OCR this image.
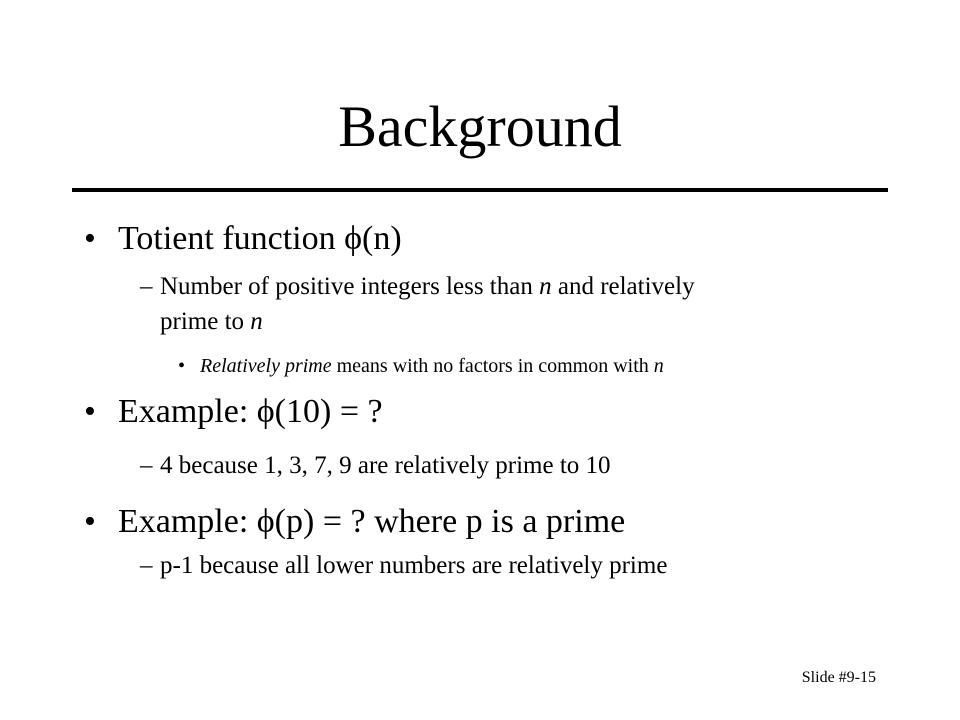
Background
• Totient function ϕ(n)
– Number of positive integers less than n and relatively
prime to n
• Relatively prime means with no factors in common with n
• Example: ϕ(10) = ?
– 4 because 1, 3, 7, 9 are relatively prime to 10
• Example: ϕ(p) = ? where p is a prime
– p-1 because all lower numbers are relatively prime
Slide #9-15
